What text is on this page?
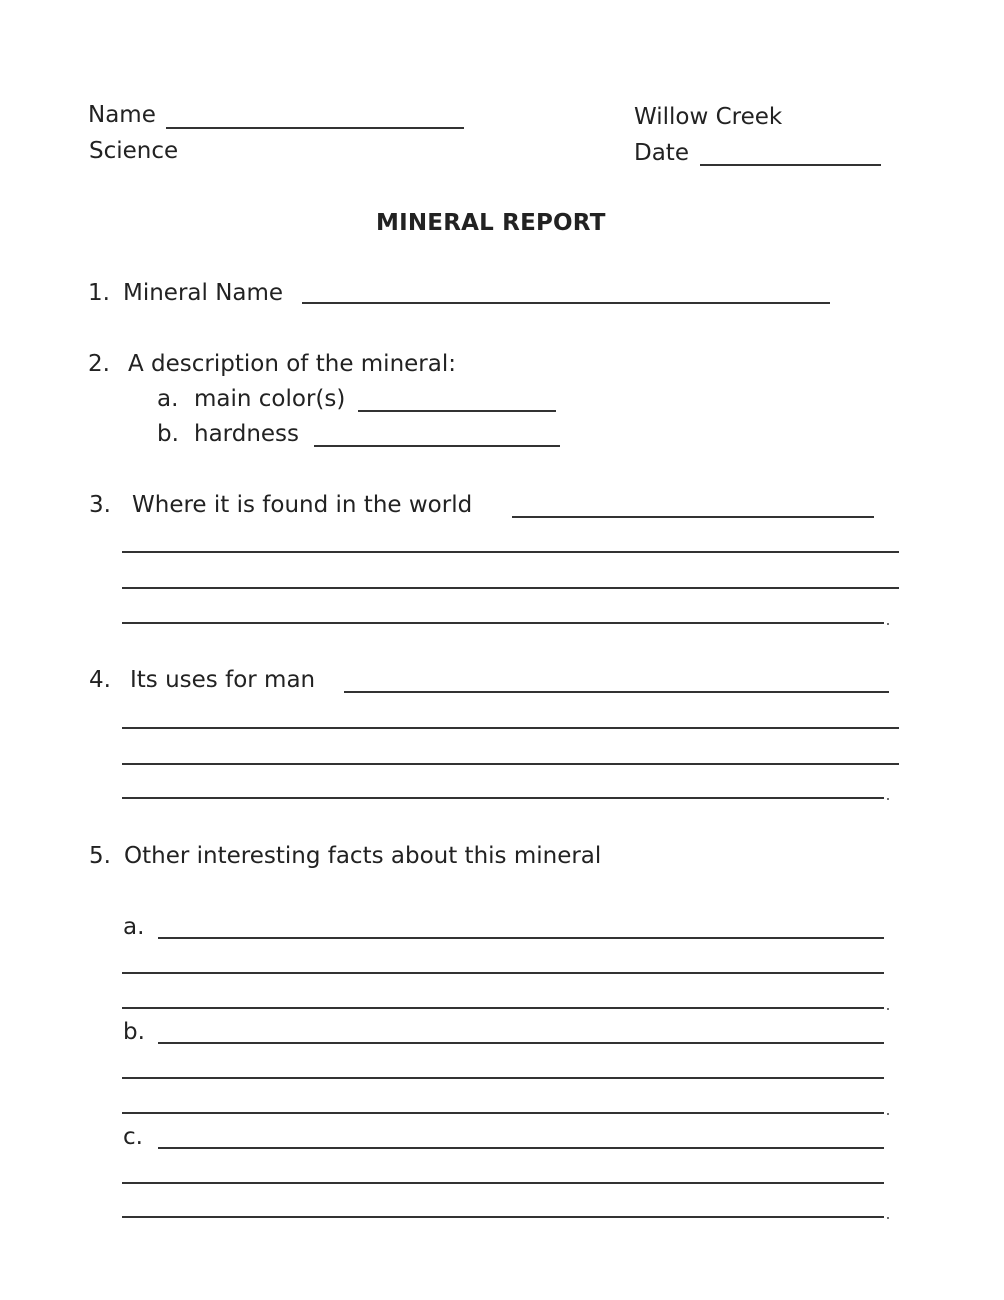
Name
Science
Willow Creek
Date
MINERAL REPORT
1. Mineral Name
2. A description of the mineral:
a. main color(s)
b. hardness
3. Where it is found in the world
4. Its uses for man
5. Other interesting facts about this mineral
a.
b.
c.
